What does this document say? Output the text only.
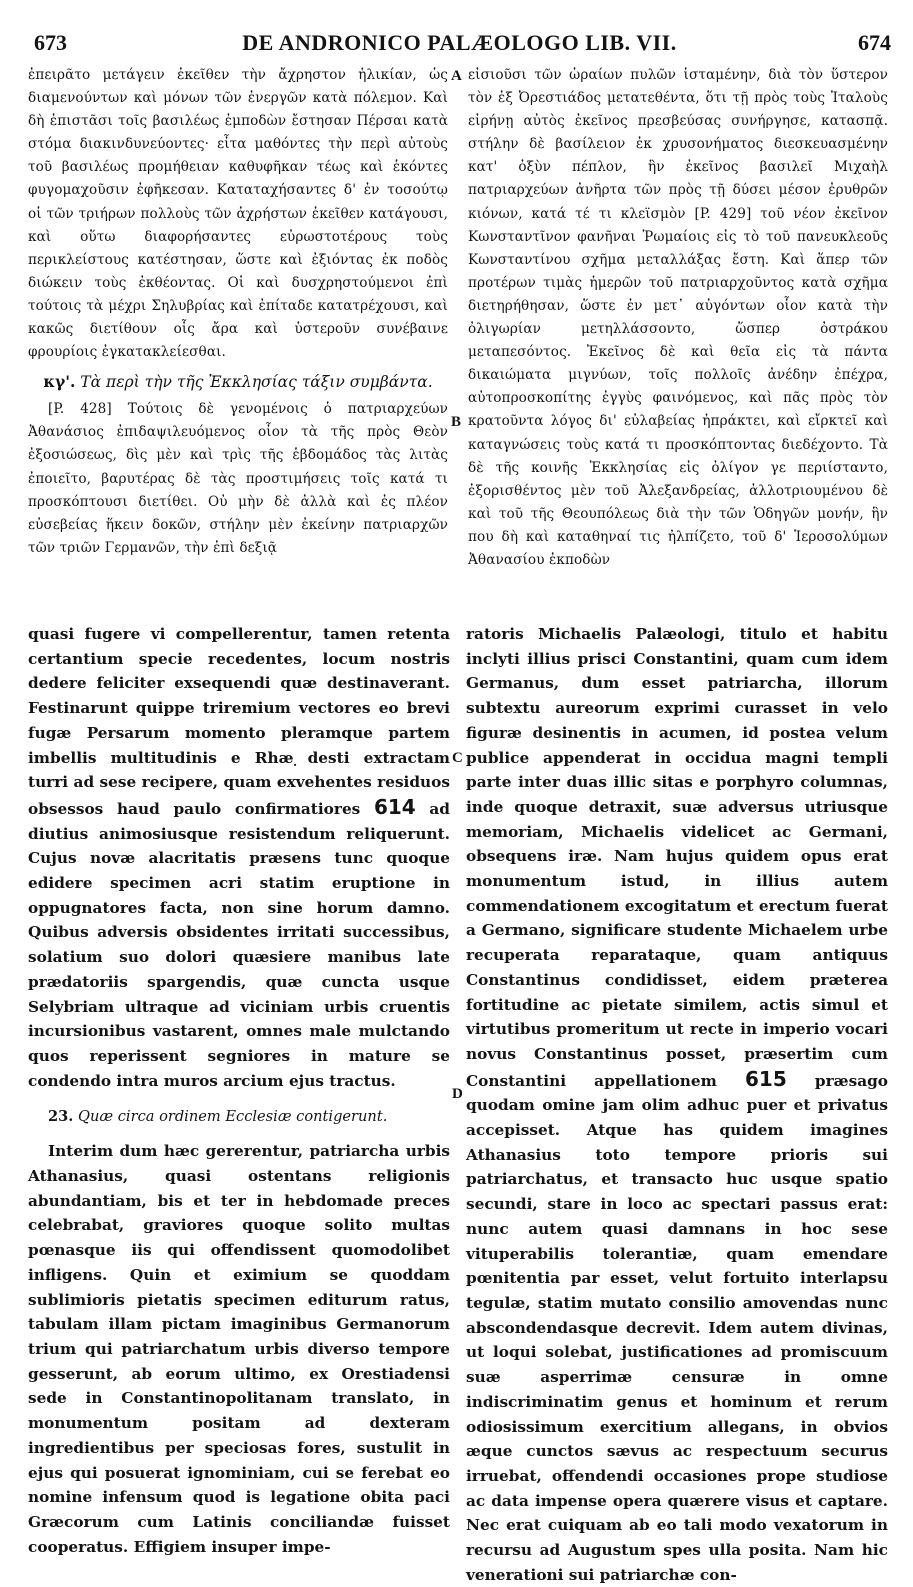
673	DE ANDRONICO PALÆOLOGO LIB. VII.	674
A
B
C
D

ἐπειρᾶτο μετάγειν ἐκεῖθεν τὴν ἄχρηστον ἡλικίαν, ὡς διαμενούντων καὶ μόνων τῶν ἐνεργῶν κατὰ πόλεμον. Καὶ δὴ ἐπιστᾶσι τοῖς βασιλέως ἐμποδὼν ἔστησαν Πέρσαι κατὰ στόμα διακινδυνεύοντες· εἶτα μαθόντες τὴν περὶ αὐτοὺς τοῦ βασιλέως προμήθειαν καθυφῆκαν τέως καὶ ἑκόντες φυγομαχοῦσιν ἐφῆκεσαν. Καταταχήσαντες δ' ἐν τοσούτῳ οἱ τῶν τριήρων πολλοὺς τῶν ἀχρήστων ἐκεῖθεν κατάγουσι, καὶ οὕτω διαφορήσαντες εὐρωστοτέρους τοὺς περικλείστους κατέστησαν, ὥστε καὶ ἐξιόντας ἐκ ποδὸς διώκειν τοὺς ἐκθέοντας. Οἱ καὶ δυσχρηστούμενοι ἐπὶ τούτοις τὰ μέχρι Σηλυβρίας καὶ ἐπίταδε κατατρέχουσι, καὶ κακῶς διετίθουν οἷς ἄρα καὶ ὑστεροῦν συνέβαινε φρουρίοις ἐγκατακλείεσθαι.

κγ'. Τὰ περὶ τὴν τῆς Ἐκκλησίας τάξιν συμβάντα.

[P. 428] Τούτοις δὲ γενομένοις ὁ πατριαρχεύων Ἀθανάσιος ἐπιδαψιλευόμενος οἷον τὰ τῆς πρὸς Θεὸν ἐξοσιώσεως, δὶς μὲν καὶ τρὶς τῆς ἑβδομάδος τὰς λιτὰς ἐποιεῖτο, βαρυτέρας δὲ τὰς προστιμήσεις τοῖς κατά τι προσκόπτουσι διετίθει. Οὐ μὴν δὲ ἀλλὰ καὶ ἐς πλέον εὐσεβείας ἥκειν δοκῶν, στήλην μὲν ἐκείνην πατριαρχῶν τῶν τριῶν Γερμανῶν, τὴν ἐπὶ δεξιᾷ

εἰσιοῦσι τῶν ὡραίων πυλῶν ἱσταμένην, διὰ τὸν ὕστερον τὸν ἐξ Ὀρεστιάδος μετατεθέντα, ὅτι τῇ πρὸς τοὺς Ἰταλοὺς εἰρήνῃ αὐτὸς ἐκεῖνος πρεσβεύσας συνήργησε, κατασπᾷ. στήλην δὲ βασίλειον ἐκ χρυσονήματος διεσκευασμένην κατ' ὀξὺν πέπλον, ἣν ἐκεῖνος βασιλεῖ Μιχαὴλ πατριαρχεύων ἀνῆρτα τῶν πρὸς τῇ δύσει μέσον ἐρυθρῶν κιόνων, κατά τέ τι κλεϊσμὸν [P. 429] τοῦ νέον ἐκεῖνον Κωνσταντῖνον φανῆναι Ῥωμαίοις εἰς τὸ τοῦ πανευκλεοῦς Κωνσταντίνου σχῆμα μεταλλάξας ἔστη. Καὶ ἅπερ τῶν προτέρων τιμὰς ἡμερῶν τοῦ πατριαρχοῦντος κατὰ σχῆμα διετηρήθησαν, ὥστε ἐν μετ᾽ αὐγόντων οἷον κατὰ τὴν ὀλιγωρίαν μετηλλάσσοντο, ὥσπερ ὀστράκου μεταπεσόντος. Ἐκεῖνος δὲ καὶ θεῖα εἰς τὰ πάντα δικαιώματα μιγνύων, τοῖς πολλοῖς ἀνέδην ἐπέχρα, αὐτοπροσκοπίτης ἐγγὺς φαινόμενος, καὶ πᾶς πρὸς τὸν κρατοῦντα λόγος δι' εὐλαβείας ἠπράκτει, καὶ εἴρκτεῖ καὶ καταγνώσεις τοὺς κατά τι προσκόπτοντας διεδέχοντο. Τὰ δὲ τῆς κοινῆς Ἐκκλησίας εἰς ὀλίγον γε περιίσταντο, ἐξορισθέντος μὲν τοῦ Ἀλεξανδρείας, ἀλλοτριουμένου δὲ καὶ τοῦ τῆς Θεουπόλεως διὰ τὴν τῶν Ὁδηγῶν μονήν, ἣν που δὴ καὶ καταθηναί τις ἠλπίζετο, τοῦ δ' Ἱεροσολύμων Ἀθανασίου ἐκποδὼν

quasi fugere vi compellerentur, tamen retenta certantium specie recedentes, locum nostris dedere feliciter exsequendi quæ destinaverant. Festinarunt quippe triremium vectores eo brevi fugæ Persarum momento pleramque partem imbellis multitudinis e Rhæ ̣desti extractam turri ad sese recipere, quam exvehentes residuos obsessos haud paulo confirmatiores 614 ad diutius animosiusque resistendum reliquerunt. Cujus novæ alacritatis præsens tunc quoque edidere specimen acri statim eruptione in oppugnatores facta, non sine horum damno. Quibus adversis obsidentes irritati successibus, solatium suo dolori quæsiere manibus late prædatoriis spargendis, quæ cuncta usque Selybriam ultraque ad viciniam urbis cruentis incursionibus vastarent, omnes male mulctando quos reperissent segniores in mature se condendo intra muros arcium ejus tractus.

23. Quæ circa ordinem Ecclesiæ contigerunt.

Interim dum hæc gererentur, patriarcha urbis Athanasius, quasi ostentans religionis abundantiam, bis et ter in hebdomade preces celebrabat, graviores quoque solito multas pœnasque iis qui offendissent quomodolibet infligens. Quin et eximium se quoddam sublimioris pietatis specimen editurum ratus, tabulam illam pictam imaginibus Germanorum trium qui patriarchatum urbis diverso tempore gesserunt, ab eorum ultimo, ex Orestiadensi sede in Constantinopolitanam translato, in monumentum positam ad dexteram ingredientibus per speciosas fores, sustulit in ejus qui posuerat ignominiam, cui se ferebat eo nomine infensum quod is legatione obita paci Græcorum cum Latinis conciliandæ fuisset cooperatus. Effigiem insuper impe-

ratoris Michaelis Palæologi, titulo et habitu inclyti illius prisci Constantini, quam cum idem Germanus, dum esset patriarcha, illorum subtextu aureorum exprimi curasset in velo figuræ desinentis in acumen, id postea velum publice appenderat in occidua magni templi parte inter duas illic sitas e porphyro columnas, inde quoque detraxit, suæ adversus utriusque memoriam, Michaelis videlicet ac Germani, obsequens iræ. Nam hujus quidem opus erat monumentum istud, in illius autem commendationem excogitatum et erectum fuerat a Germano, significare studente Michaelem urbe recuperata reparataque, quam antiquus Constantinus condidisset, eidem præterea fortitudine ac pietate similem, actis simul et virtutibus promeritum ut recte in imperio vocari novus Constantinus posset, præsertim cum Constantini appellationem 615 præsago quodam omine jam olim adhuc puer et privatus accepisset. Atque has quidem imagines Athanasius toto tempore prioris sui patriarchatus, et transacto huc usque spatio secundi, stare in loco ac spectari passus erat: nunc autem quasi damnans in hoc sese vituperabilis tolerantiæ, quam emendare pœnitentia par esset, velut fortuito interlapsu tegulæ, statim mutato consilio amovendas nunc abscondendasque decrevit. Idem autem divinas, ut loqui solebat, justificationes ad promiscuum suæ asperrimæ censuræ in omne indiscriminatim genus et hominum et rerum odiosissimum exercitium allegans, in obvios æque cunctos sævus ac respectuum securus irruebat, offendendi occasiones prope studiose ac data impense opera quærere visus et captare. Nec erat cuiquam ab eo tali modo vexatorum in recursu ad Augustum spes ulla posita. Nam hic venerationi sui patriarchæ con-
